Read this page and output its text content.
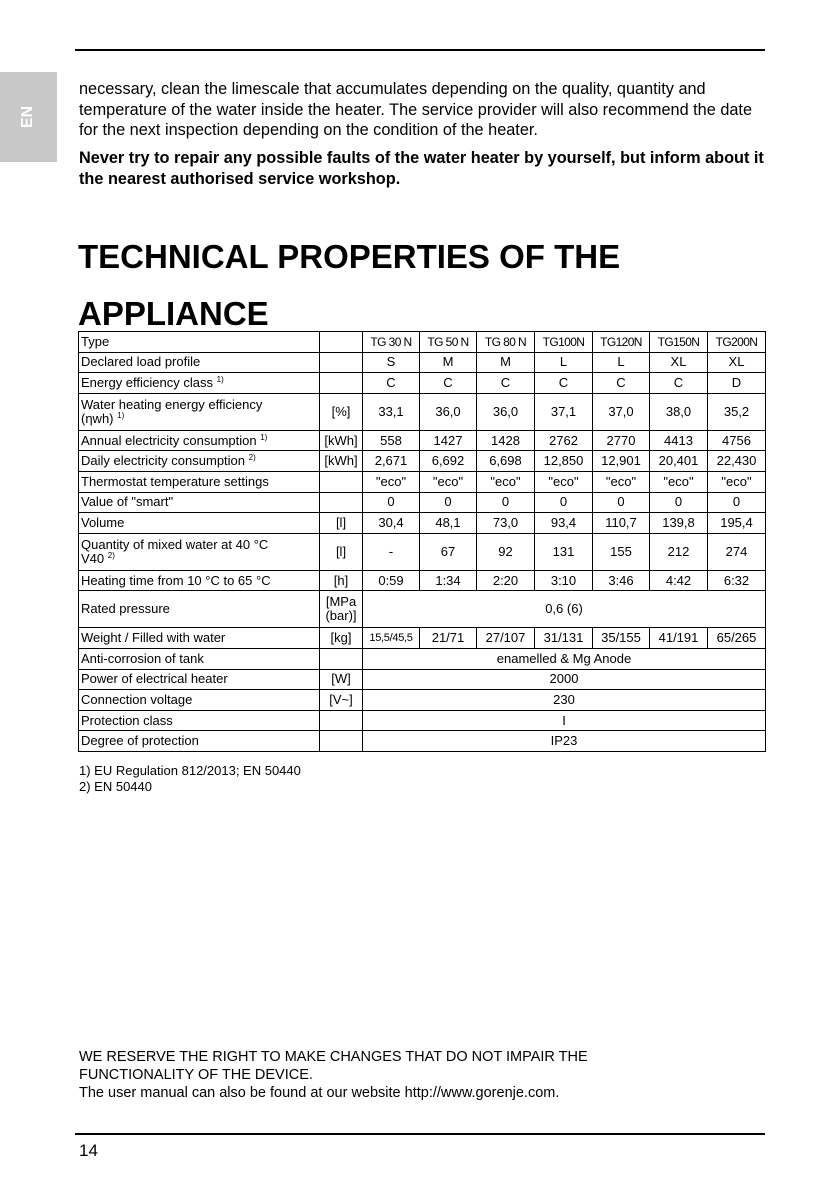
EN

necessary, clean the limescale that accumulates depending on the quality, quantity and temperature of the water inside the heater. The service provider will also recommend the date for the next inspection depending on the condition of the heater.

Never try to repair any possible faults of the water heater by yourself, but inform about it the nearest authorised service workshop.

TECHNICAL PROPERTIES OF THE
APPLIANCE
Type		TG 30 N	TG 50 N	TG 80 N	TG100N	TG120N	TG150N	TG200N
Declared load profile		S	M	M	L	L	XL	XL
Energy efficiency class $^{1)}$		C	C	C	C	C	C	D
Water heating energy efficiency
(ηwh) $^{1)}$	[%]	33,1	36,0	36,0	37,1	37,0	38,0	35,2
Annual electricity consumption $^{1)}$	[kWh]	558	1427	1428	2762	2770	4413	4756
Daily electricity consumption $^{2)}$	[kWh]	2,671	6,692	6,698	12,850	12,901	20,401	22,430
Thermostat temperature settings		"eco"	"eco"	"eco"	"eco"	"eco"	"eco"	"eco"
Value of "smart"		0	0	0	0	0	0	0
Volume	[l]	30,4	48,1	73,0	93,4	110,7	139,8	195,4
Quantity of mixed water at 40 °C
V40 $^{2)}$	[l]	-	67	92	131	155	212	274
Heating time from 10 °C to 65 °C	[h]	0:59	1:34	2:20	3:10	3:46	4:42	6:32
Rated pressure	[MPa
(bar)]	0,6 (6)						
Weight / Filled with water	[kg]	15,5/45,5	21/71	27/107	31/131	35/155	41/191	65/265
Anti-corrosion of tank		enamelled & Mg Anode						
Power of electrical heater	[W]	2000						
Connection voltage	[V~]	230						
Protection class		I						
Degree of protection		IP23						
1) EU Regulation 812/2013; EN 50440
2) EN 50440
WE RESERVE THE RIGHT TO MAKE CHANGES THAT DO NOT IMPAIR THE
FUNCTIONALITY OF THE DEVICE.
The user manual can also be found at our website http://www.gorenje.com.
14
